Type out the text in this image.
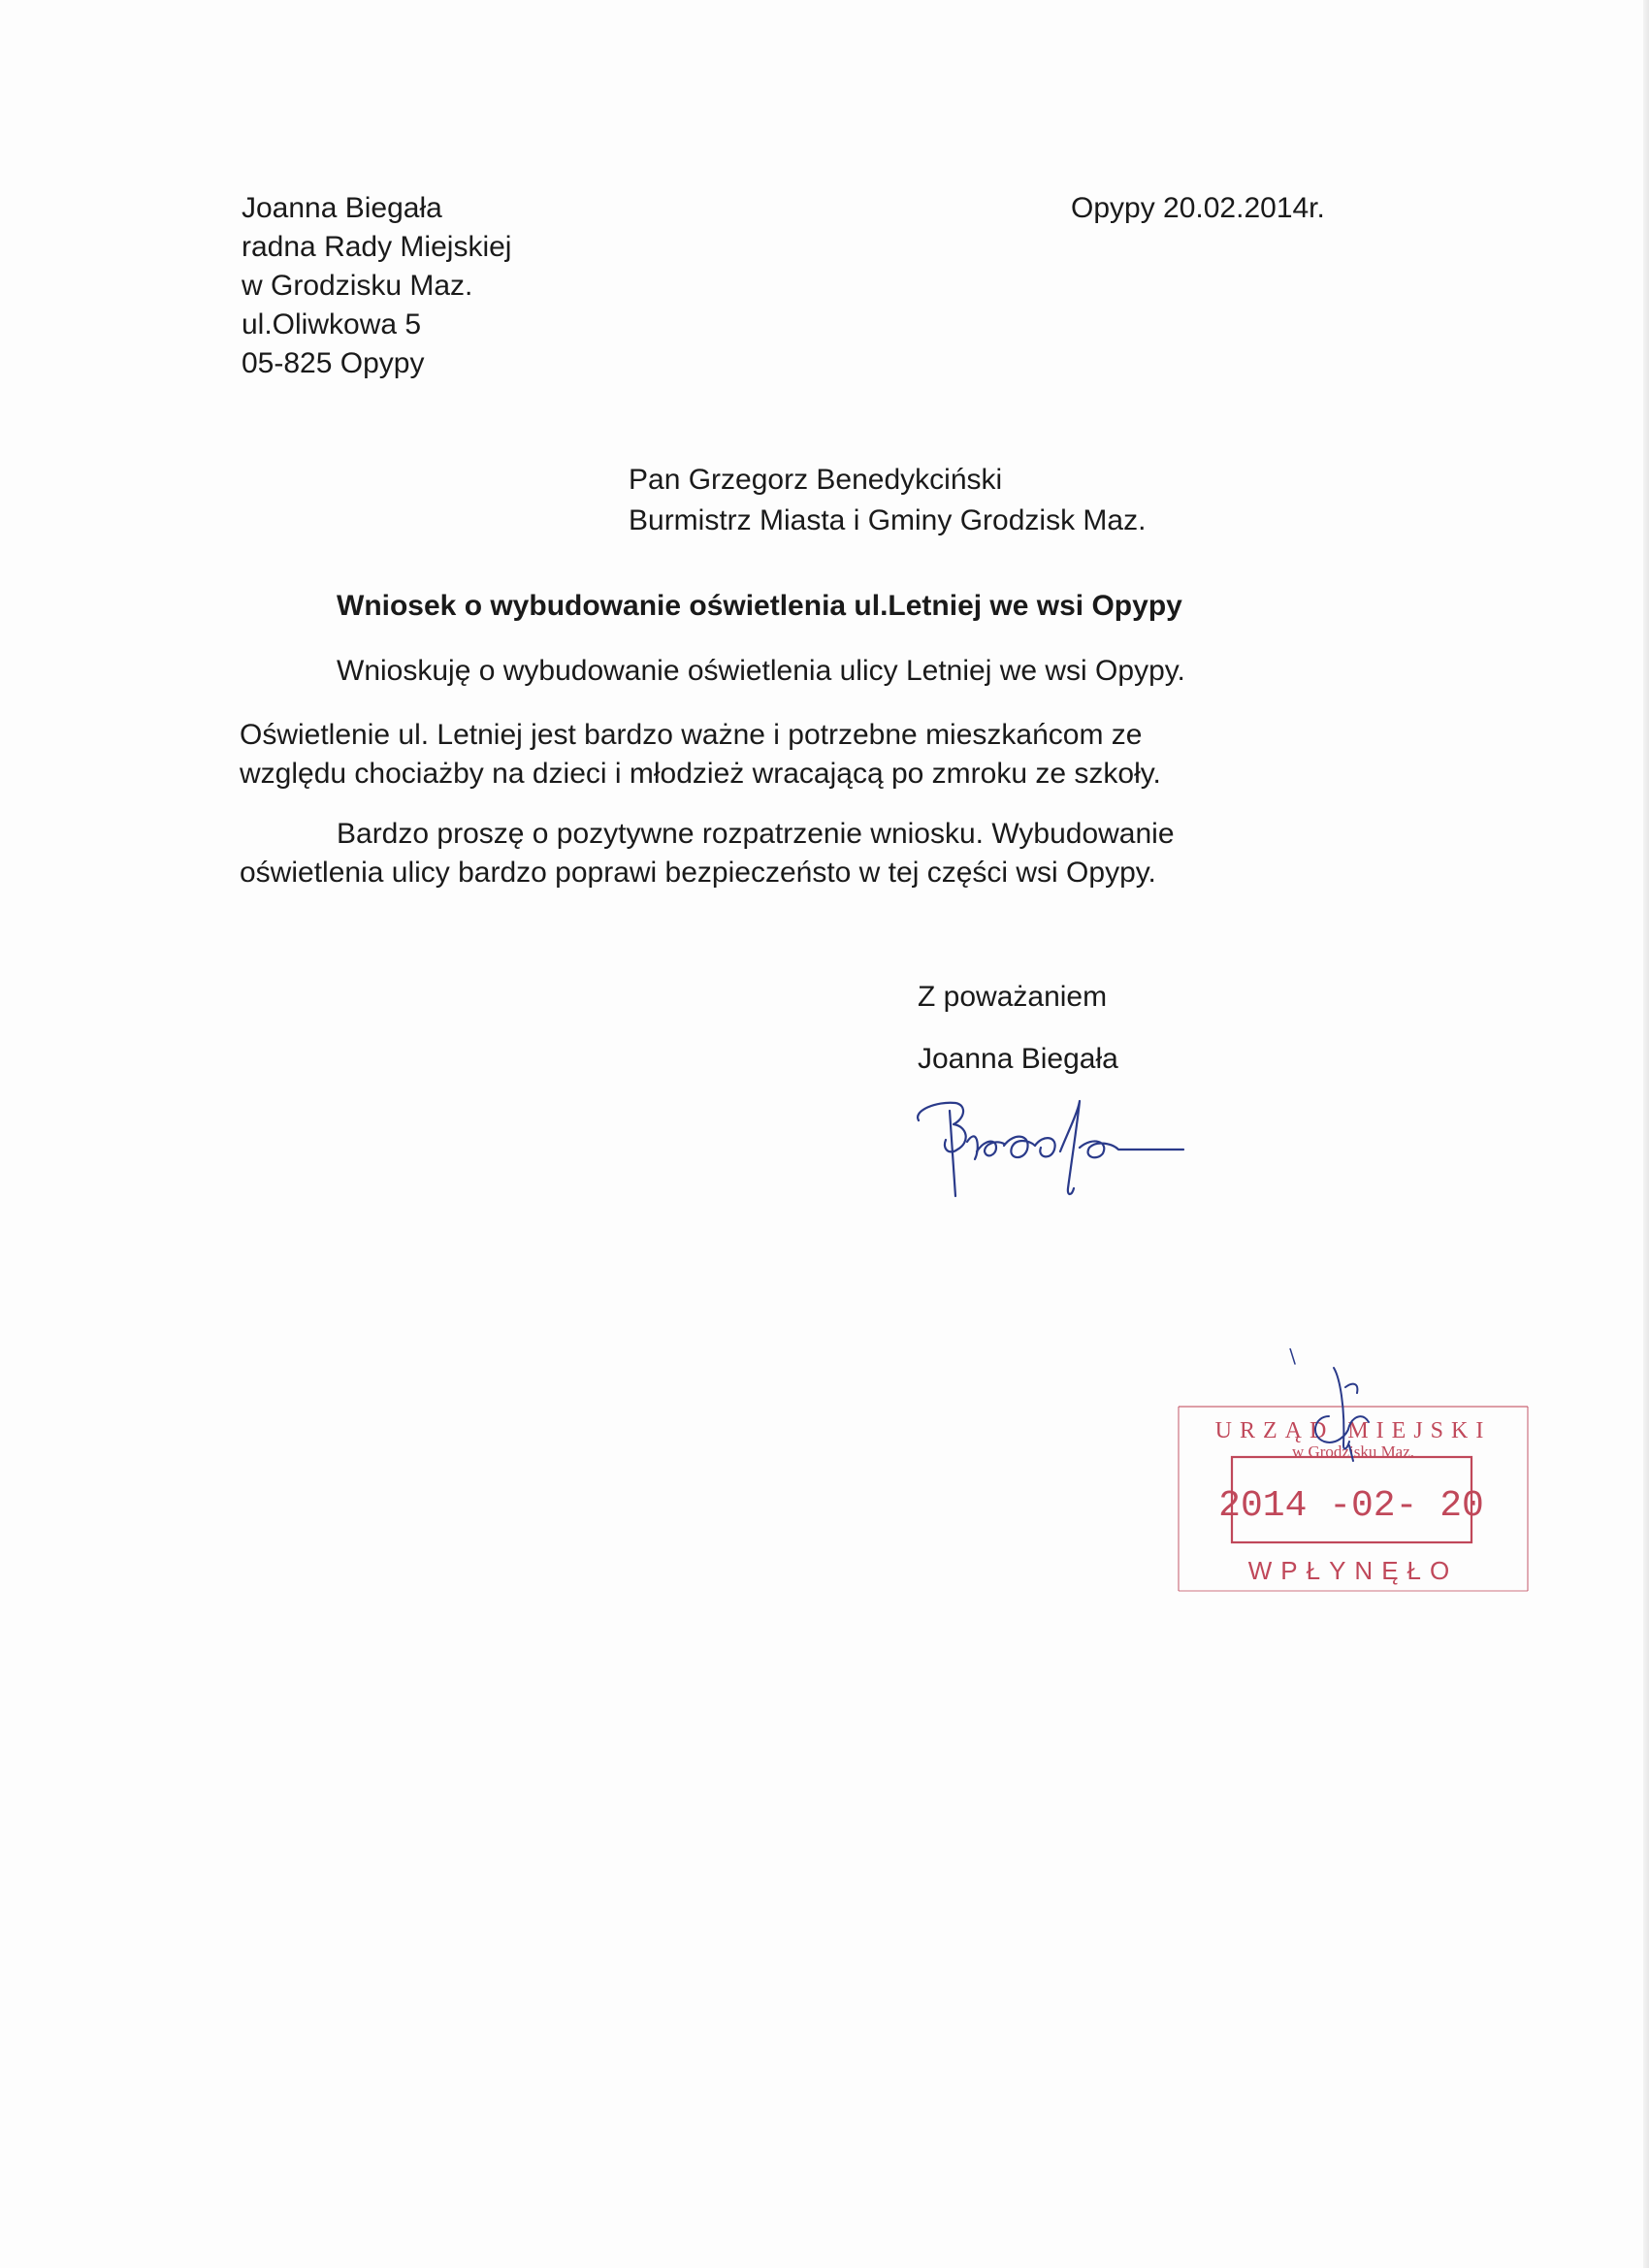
Joanna Biegała
radna Rady Miejskiej
w Grodzisku Maz.
ul.Oliwkowa 5
05-825 Opypy
Opypy 20.02.2014r.
Pan Grzegorz Benedykciński
Burmistrz Miasta i Gminy Grodzisk Maz.
Wniosek o wybudowanie oświetlenia ul.Letniej we wsi Opypy
Wnioskuję o wybudowanie oświetlenia ulicy Letniej we wsi Opypy.
Oświetlenie ul. Letniej jest bardzo ważne i potrzebne mieszkańcom ze
względu chociażby na dzieci i młodzież wracającą po zmroku ze szkoły.
Bardzo proszę o pozytywne rozpatrzenie wniosku. Wybudowanie
oświetlenia ulicy bardzo poprawi bezpieczeństo w tej części wsi Opypy.
Z poważaniem
Joanna Biegała
URZĄD MIEJSKI
w Grodzisku Maz.
2014 -02- 20
WPŁYNĘŁO
